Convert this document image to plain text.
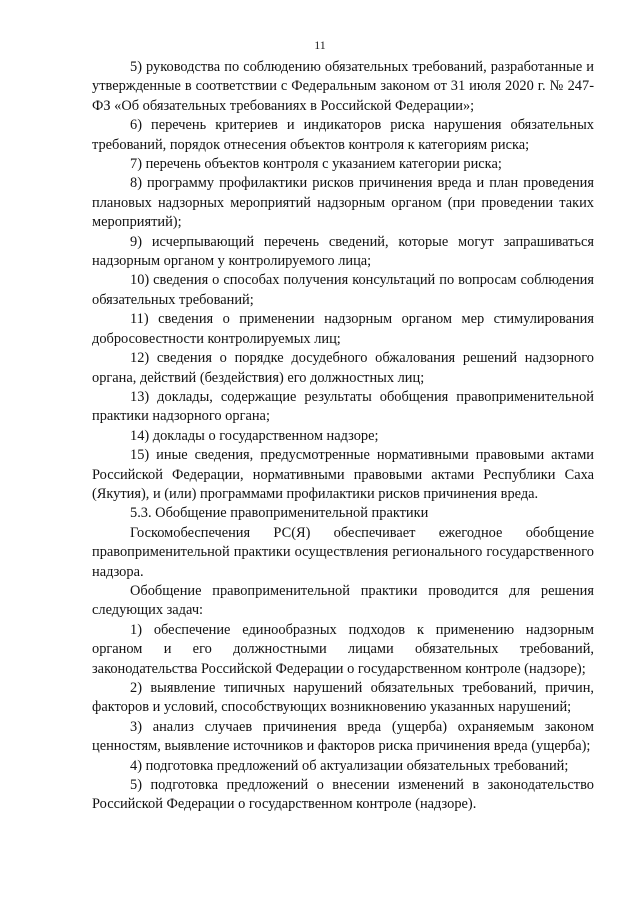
11

5) руководства по соблюдению обязательных требований, разработанные и утвержденные в соответствии с Федеральным законом от 31 июля 2020 г. № 247-ФЗ «Об обязательных требованиях в Российской Федерации»;

6) перечень критериев и индикаторов риска нарушения обязательных требований, порядок отнесения объектов контроля к категориям риска;

7) перечень объектов контроля с указанием категории риска;

8) программу профилактики рисков причинения вреда и план проведения плановых надзорных мероприятий надзорным органом (при проведении таких мероприятий);

9) исчерпывающий перечень сведений, которые могут запрашиваться надзорным органом у контролируемого лица;

10) сведения о способах получения консультаций по вопросам соблюдения обязательных требований;

11) сведения о применении надзорным органом мер стимулирования добросовестности контролируемых лиц;

12) сведения о порядке досудебного обжалования решений надзорного органа, действий (бездействия) его должностных лиц;

13) доклады, содержащие результаты обобщения правоприменительной практики надзорного органа;

14) доклады о государственном надзоре;

15) иные сведения, предусмотренные нормативными правовыми актами Российской Федерации, нормативными правовыми актами Республики Саха (Якутия), и (или) программами профилактики рисков причинения вреда.

5.3. Обобщение правоприменительной практики

Госкомобеспечения РС(Я) обеспечивает ежегодное обобщение правоприменительной практики осуществления регионального государственного надзора.

Обобщение правоприменительной практики проводится для решения следующих задач:

1) обеспечение единообразных подходов к применению надзорным органом и его должностными лицами обязательных требований, законодательства Российской Федерации о государственном контроле (надзоре);

2) выявление типичных нарушений обязательных требований, причин, факторов и условий, способствующих возникновению указанных нарушений;

3) анализ случаев причинения вреда (ущерба) охраняемым законом ценностям, выявление источников и факторов риска причинения вреда (ущерба);

4) подготовка предложений об актуализации обязательных требований;

5) подготовка предложений о внесении изменений в законодательство Российской Федерации о государственном контроле (надзоре).
